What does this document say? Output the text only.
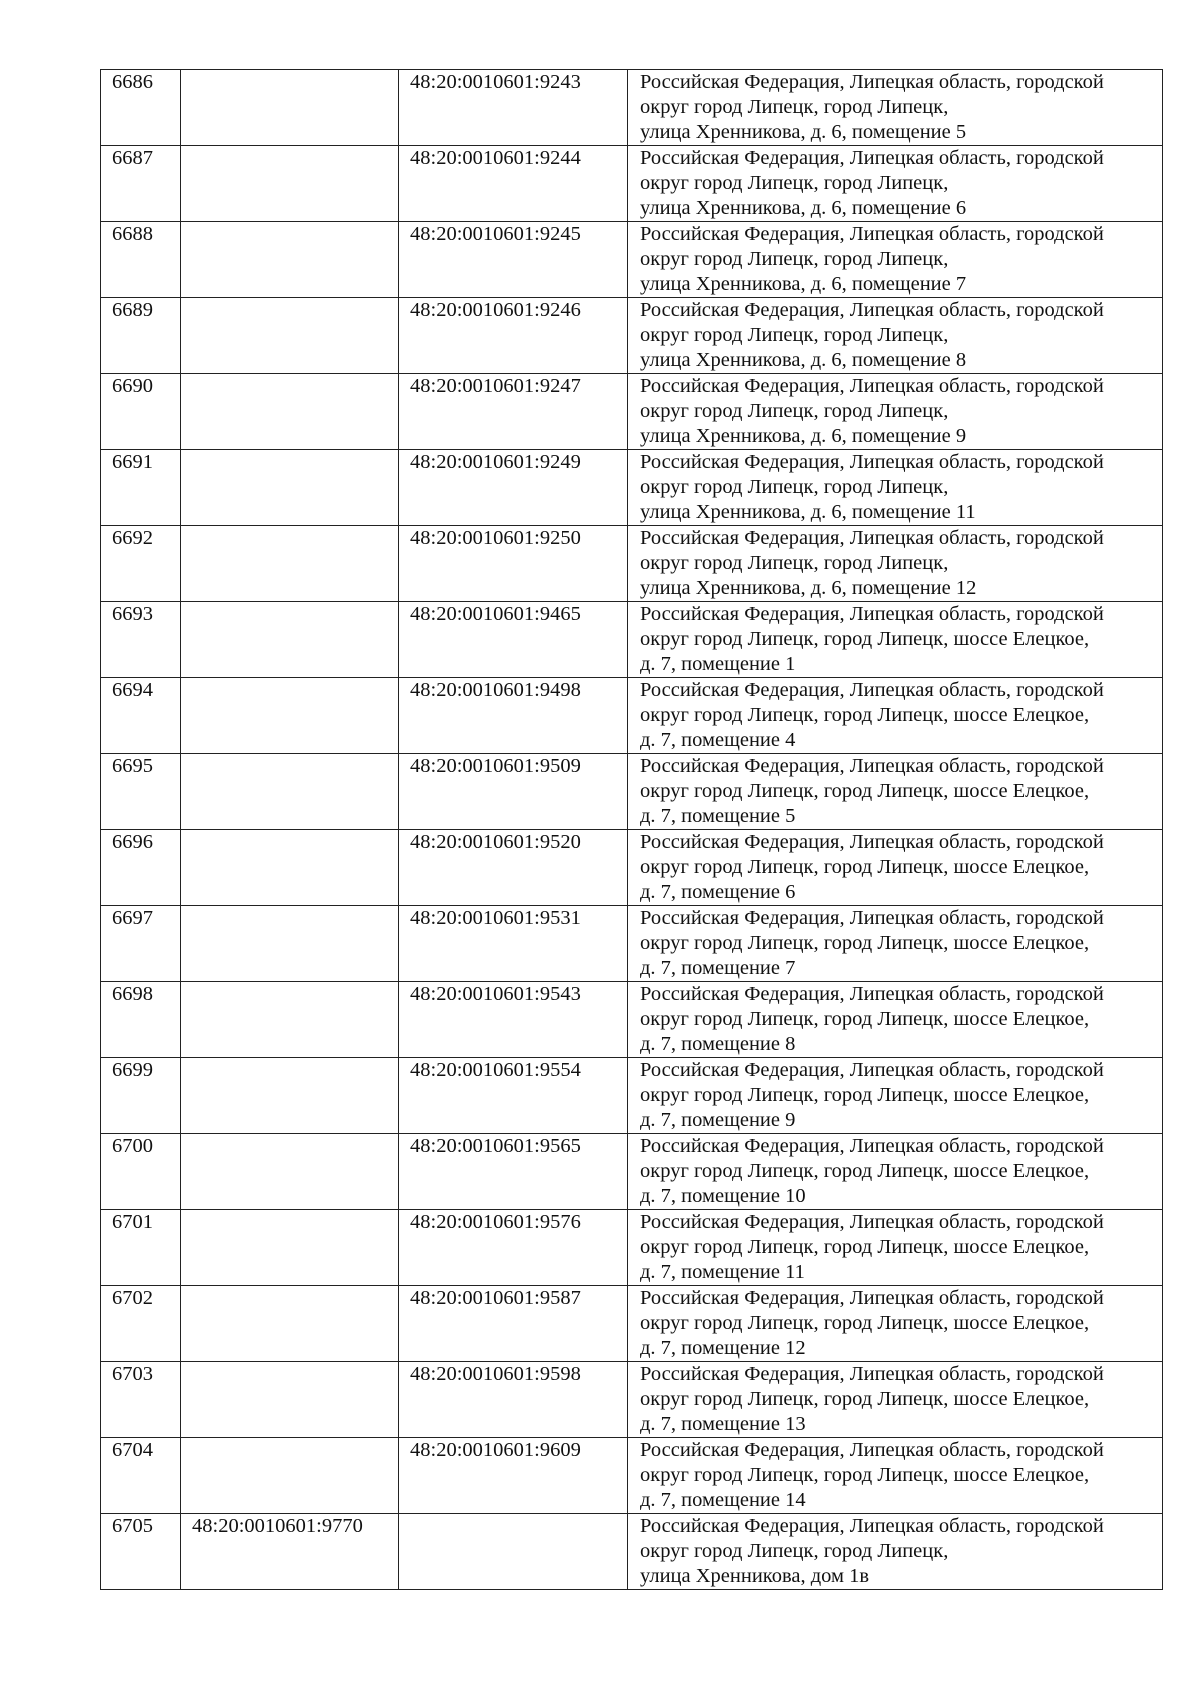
6686		48:20:0010601:9243	Российская Федерация, Липецкая область, городской
округ город Липецк, город Липецк,
улица Хренникова, д. 6, помещение 5

6687		48:20:0010601:9244	Российская Федерация, Липецкая область, городской
округ город Липецк, город Липецк,
улица Хренникова, д. 6, помещение 6

6688		48:20:0010601:9245	Российская Федерация, Липецкая область, городской
округ город Липецк, город Липецк,
улица Хренникова, д. 6, помещение 7

6689		48:20:0010601:9246	Российская Федерация, Липецкая область, городской
округ город Липецк, город Липецк,
улица Хренникова, д. 6, помещение 8

6690		48:20:0010601:9247	Российская Федерация, Липецкая область, городской
округ город Липецк, город Липецк,
улица Хренникова, д. 6, помещение 9

6691		48:20:0010601:9249	Российская Федерация, Липецкая область, городской
округ город Липецк, город Липецк,
улица Хренникова, д. 6, помещение 11

6692		48:20:0010601:9250	Российская Федерация, Липецкая область, городской
округ город Липецк, город Липецк,
улица Хренникова, д. 6, помещение 12

6693		48:20:0010601:9465	Российская Федерация, Липецкая область, городской
округ город Липецк, город Липецк, шоссе Елецкое,
д. 7, помещение 1

6694		48:20:0010601:9498	Российская Федерация, Липецкая область, городской
округ город Липецк, город Липецк, шоссе Елецкое,
д. 7, помещение 4

6695		48:20:0010601:9509	Российская Федерация, Липецкая область, городской
округ город Липецк, город Липецк, шоссе Елецкое,
д. 7, помещение 5

6696		48:20:0010601:9520	Российская Федерация, Липецкая область, городской
округ город Липецк, город Липецк, шоссе Елецкое,
д. 7, помещение 6

6697		48:20:0010601:9531	Российская Федерация, Липецкая область, городской
округ город Липецк, город Липецк, шоссе Елецкое,
д. 7, помещение 7

6698		48:20:0010601:9543	Российская Федерация, Липецкая область, городской
округ город Липецк, город Липецк, шоссе Елецкое,
д. 7, помещение 8

6699		48:20:0010601:9554	Российская Федерация, Липецкая область, городской
округ город Липецк, город Липецк, шоссе Елецкое,
д. 7, помещение 9

6700		48:20:0010601:9565	Российская Федерация, Липецкая область, городской
округ город Липецк, город Липецк, шоссе Елецкое,
д. 7, помещение 10

6701		48:20:0010601:9576	Российская Федерация, Липецкая область, городской
округ город Липецк, город Липецк, шоссе Елецкое,
д. 7, помещение 11

6702		48:20:0010601:9587	Российская Федерация, Липецкая область, городской
округ город Липецк, город Липецк, шоссе Елецкое,
д. 7, помещение 12

6703		48:20:0010601:9598	Российская Федерация, Липецкая область, городской
округ город Липецк, город Липецк, шоссе Елецкое,
д. 7, помещение 13

6704		48:20:0010601:9609	Российская Федерация, Липецкая область, городской
округ город Липецк, город Липецк, шоссе Елецкое,
д. 7, помещение 14

6705	48:20:0010601:9770		Российская Федерация, Липецкая область, городской
округ город Липецк, город Липецк,
улица Хренникова, дом 1в
